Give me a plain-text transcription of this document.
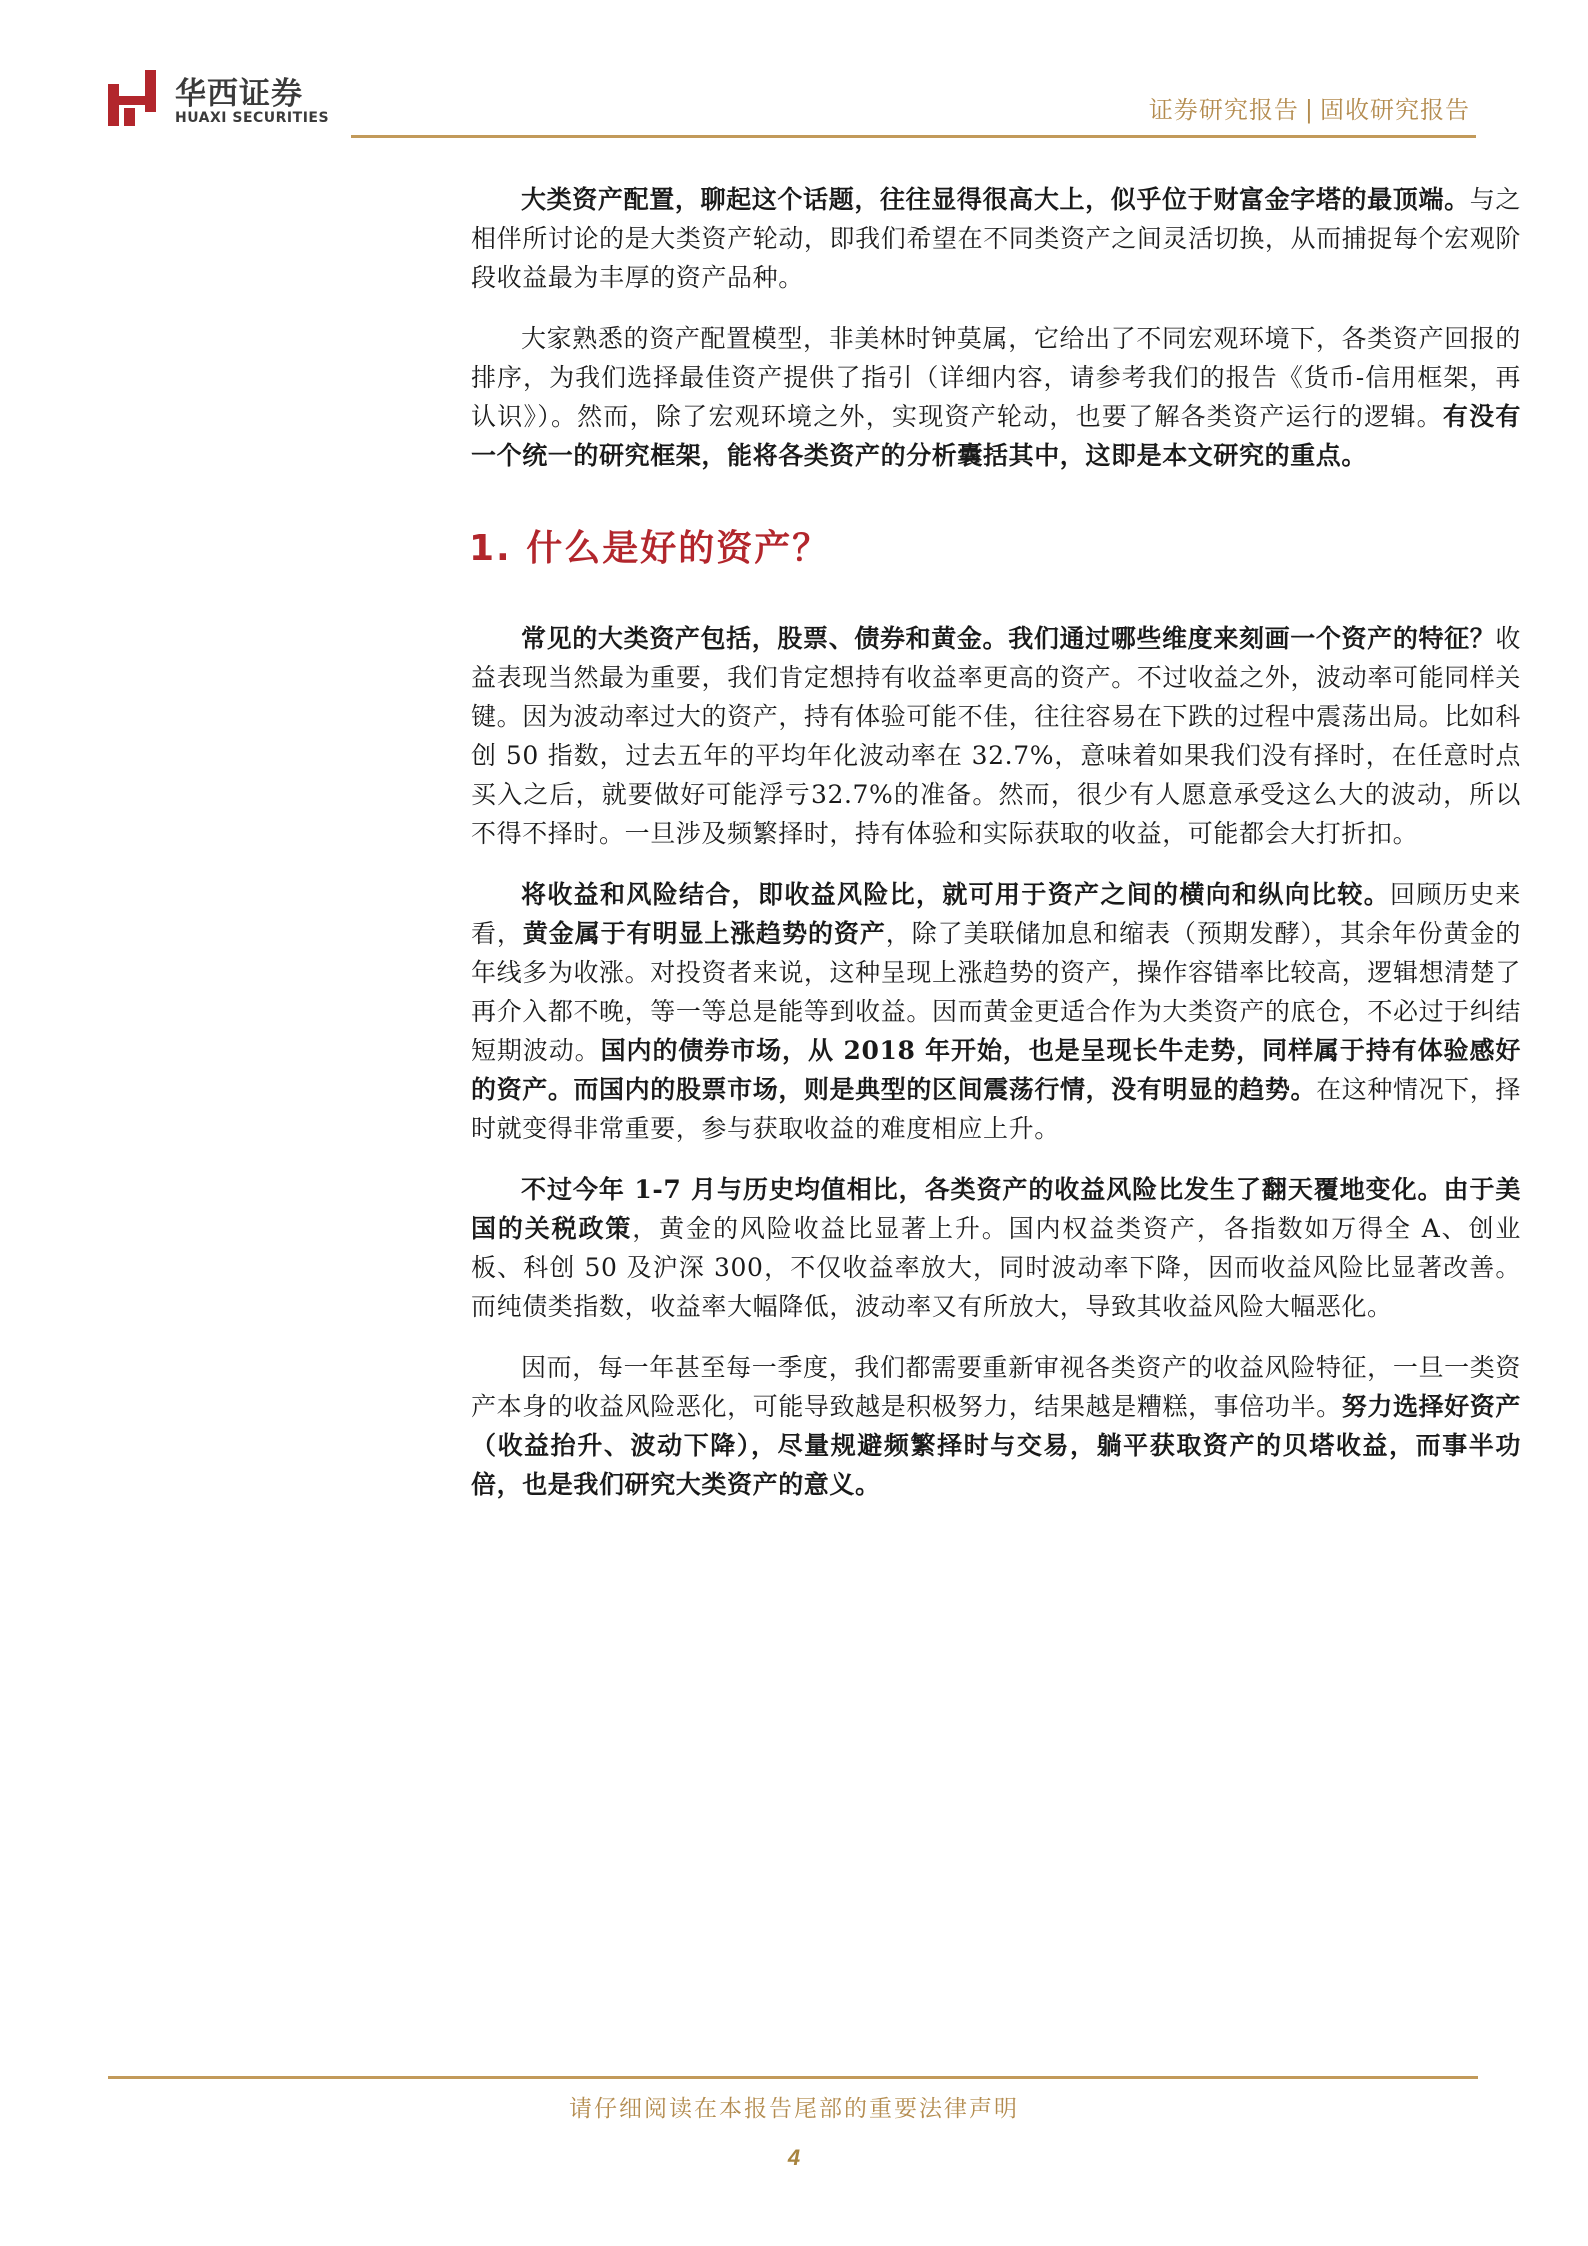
华西证券
HUAXI SECURITIES	证券研究报告 | 固收研究报告

大类资产配置，聊起这个话题，往往显得很高大上，似乎位于财富金字塔的最顶端。与之相伴所讨论的是大类资产轮动，即我们希望在不同类资产之间灵活切换，从而捕捉每个宏观阶段收益最为丰厚的资产品种。

大家熟悉的资产配置模型，非美林时钟莫属，它给出了不同宏观环境下，各类资产回报的排序，为我们选择最佳资产提供了指引（详细内容，请参考我们的报告《货币-信用框架，再认识》）。然而，除了宏观环境之外，实现资产轮动，也要了解各类资产运行的逻辑。有没有一个统一的研究框架，能将各类资产的分析囊括其中，这即是本文研究的重点。

1. 什么是好的资产？

常见的大类资产包括，股票、债券和黄金。我们通过哪些维度来刻画一个资产的特征？收益表现当然最为重要，我们肯定想持有收益率更高的资产。不过收益之外，波动率可能同样关键。因为波动率过大的资产，持有体验可能不佳，往往容易在下跌的过程中震荡出局。比如科创 50 指数，过去五年的平均年化波动率在 32.7%，意味着如果我们没有择时，在任意时点买入之后，就要做好可能浮亏32.7%的准备。然而，很少有人愿意承受这么大的波动，所以不得不择时。一旦涉及频繁择时，持有体验和实际获取的收益，可能都会大打折扣。

将收益和风险结合，即收益风险比，就可用于资产之间的横向和纵向比较。回顾历史来看，黄金属于有明显上涨趋势的资产，除了美联储加息和缩表（预期发酵），其余年份黄金的年线多为收涨。对投资者来说，这种呈现上涨趋势的资产，操作容错率比较高，逻辑想清楚了再介入都不晚，等一等总是能等到收益。因而黄金更适合作为大类资产的底仓，不必过于纠结短期波动。国内的债券市场，从 2018 年开始，也是呈现长牛走势，同样属于持有体验感好的资产。而国内的股票市场，则是典型的区间震荡行情，没有明显的趋势。在这种情况下，择时就变得非常重要，参与获取收益的难度相应上升。

不过今年 1-7 月与历史均值相比，各类资产的收益风险比发生了翻天覆地变化。由于美国的关税政策，黄金的风险收益比显著上升。国内权益类资产，各指数如万得全 A、创业板、科创 50 及沪深 300，不仅收益率放大，同时波动率下降，因而收益风险比显著改善。而纯债类指数，收益率大幅降低，波动率又有所放大，导致其收益风险大幅恶化。

因而，每一年甚至每一季度，我们都需要重新审视各类资产的收益风险特征，一旦一类资产本身的收益风险恶化，可能导致越是积极努力，结果越是糟糕，事倍功半。努力选择好资产（收益抬升、波动下降），尽量规避频繁择时与交易，躺平获取资产的贝塔收益，而事半功倍，也是我们研究大类资产的意义。

请仔细阅读在本报告尾部的重要法律声明
4
